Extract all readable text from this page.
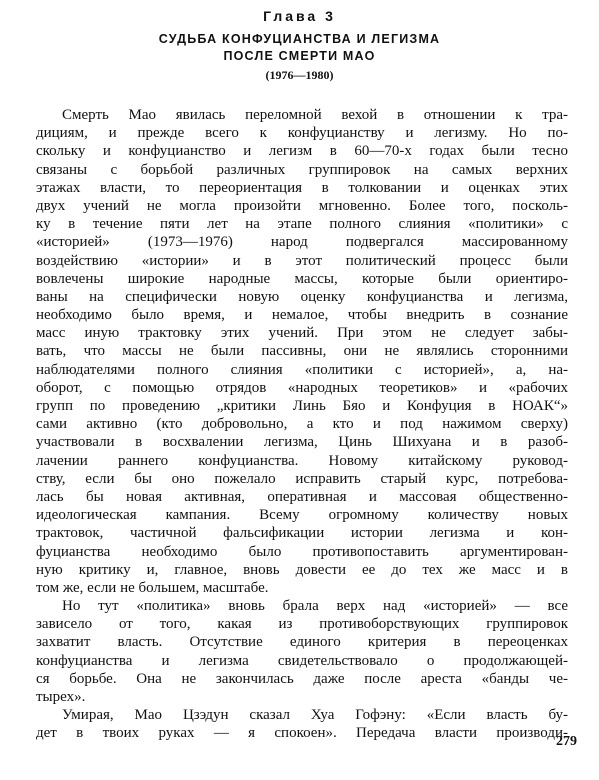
Глава 3
СУДЬБА КОНФУЦИАНСТВА И ЛЕГИЗМА
ПОСЛЕ СМЕРТИ МАО
(1976—1980)
Смерть Мао явилась переломной вехой в отношении к тра-
дициям, и прежде всего к конфуцианству и легизму. Но по-
скольку и конфуцианство и легизм в 60—70-х годах были тесно
связаны с борьбой различных группировок на самых верхних
этажах власти, то переориентация в толковании и оценках этих
двух учений не могла произойти мгновенно. Более того, посколь-
ку в течение пяти лет на этапе полного слияния «политики» с
«историей» (1973—1976) народ подвергался массированному
воздействию «истории» и в этот политический процесс были
вовлечены широкие народные массы, которые были ориентиро-
ваны на специфически новую оценку конфуцианства и легизма,
необходимо было время, и немалое, чтобы внедрить в сознание
масс иную трактовку этих учений. При этом не следует забы-
вать, что массы не были пассивны, они не являлись сторонними
наблюдателями полного слияния «политики с историей», а, на-
оборот, с помощью отрядов «народных теоретиков» и «рабочих
групп по проведению „критики Линь Бяо и Конфуция в НОАК“»
сами активно (кто добровольно, а кто и под нажимом сверху)
участвовали в восхвалении легизма, Цинь Шихуана и в разоб-
лачении раннего конфуцианства. Новому китайскому руковод-
ству, если бы оно пожелало исправить старый курс, потребова-
лась бы новая активная, оперативная и массовая общественно-
идеологическая кампания. Всему огромному количеству новых
трактовок, частичной фальсификации истории легизма и кон-
фуцианства необходимо было противопоставить аргументирован-
ную критику и, главное, вновь довести ее до тех же масс и в
том же, если не большем, масштабе.
Но тут «политика» вновь брала верх над «историей» — все
зависело от того, какая из противоборствующих группировок
захватит власть. Отсутствие единого критерия в переоценках
конфуцианства и легизма свидетельствовало о продолжающей-
ся борьбе. Она не закончилась даже после ареста «банды че-
тырех».
Умирая, Мао Цзэдун сказал Хуа Гофэну: «Если власть бу-
дет в твоих руках — я спокоен». Передача власти производи-
279
